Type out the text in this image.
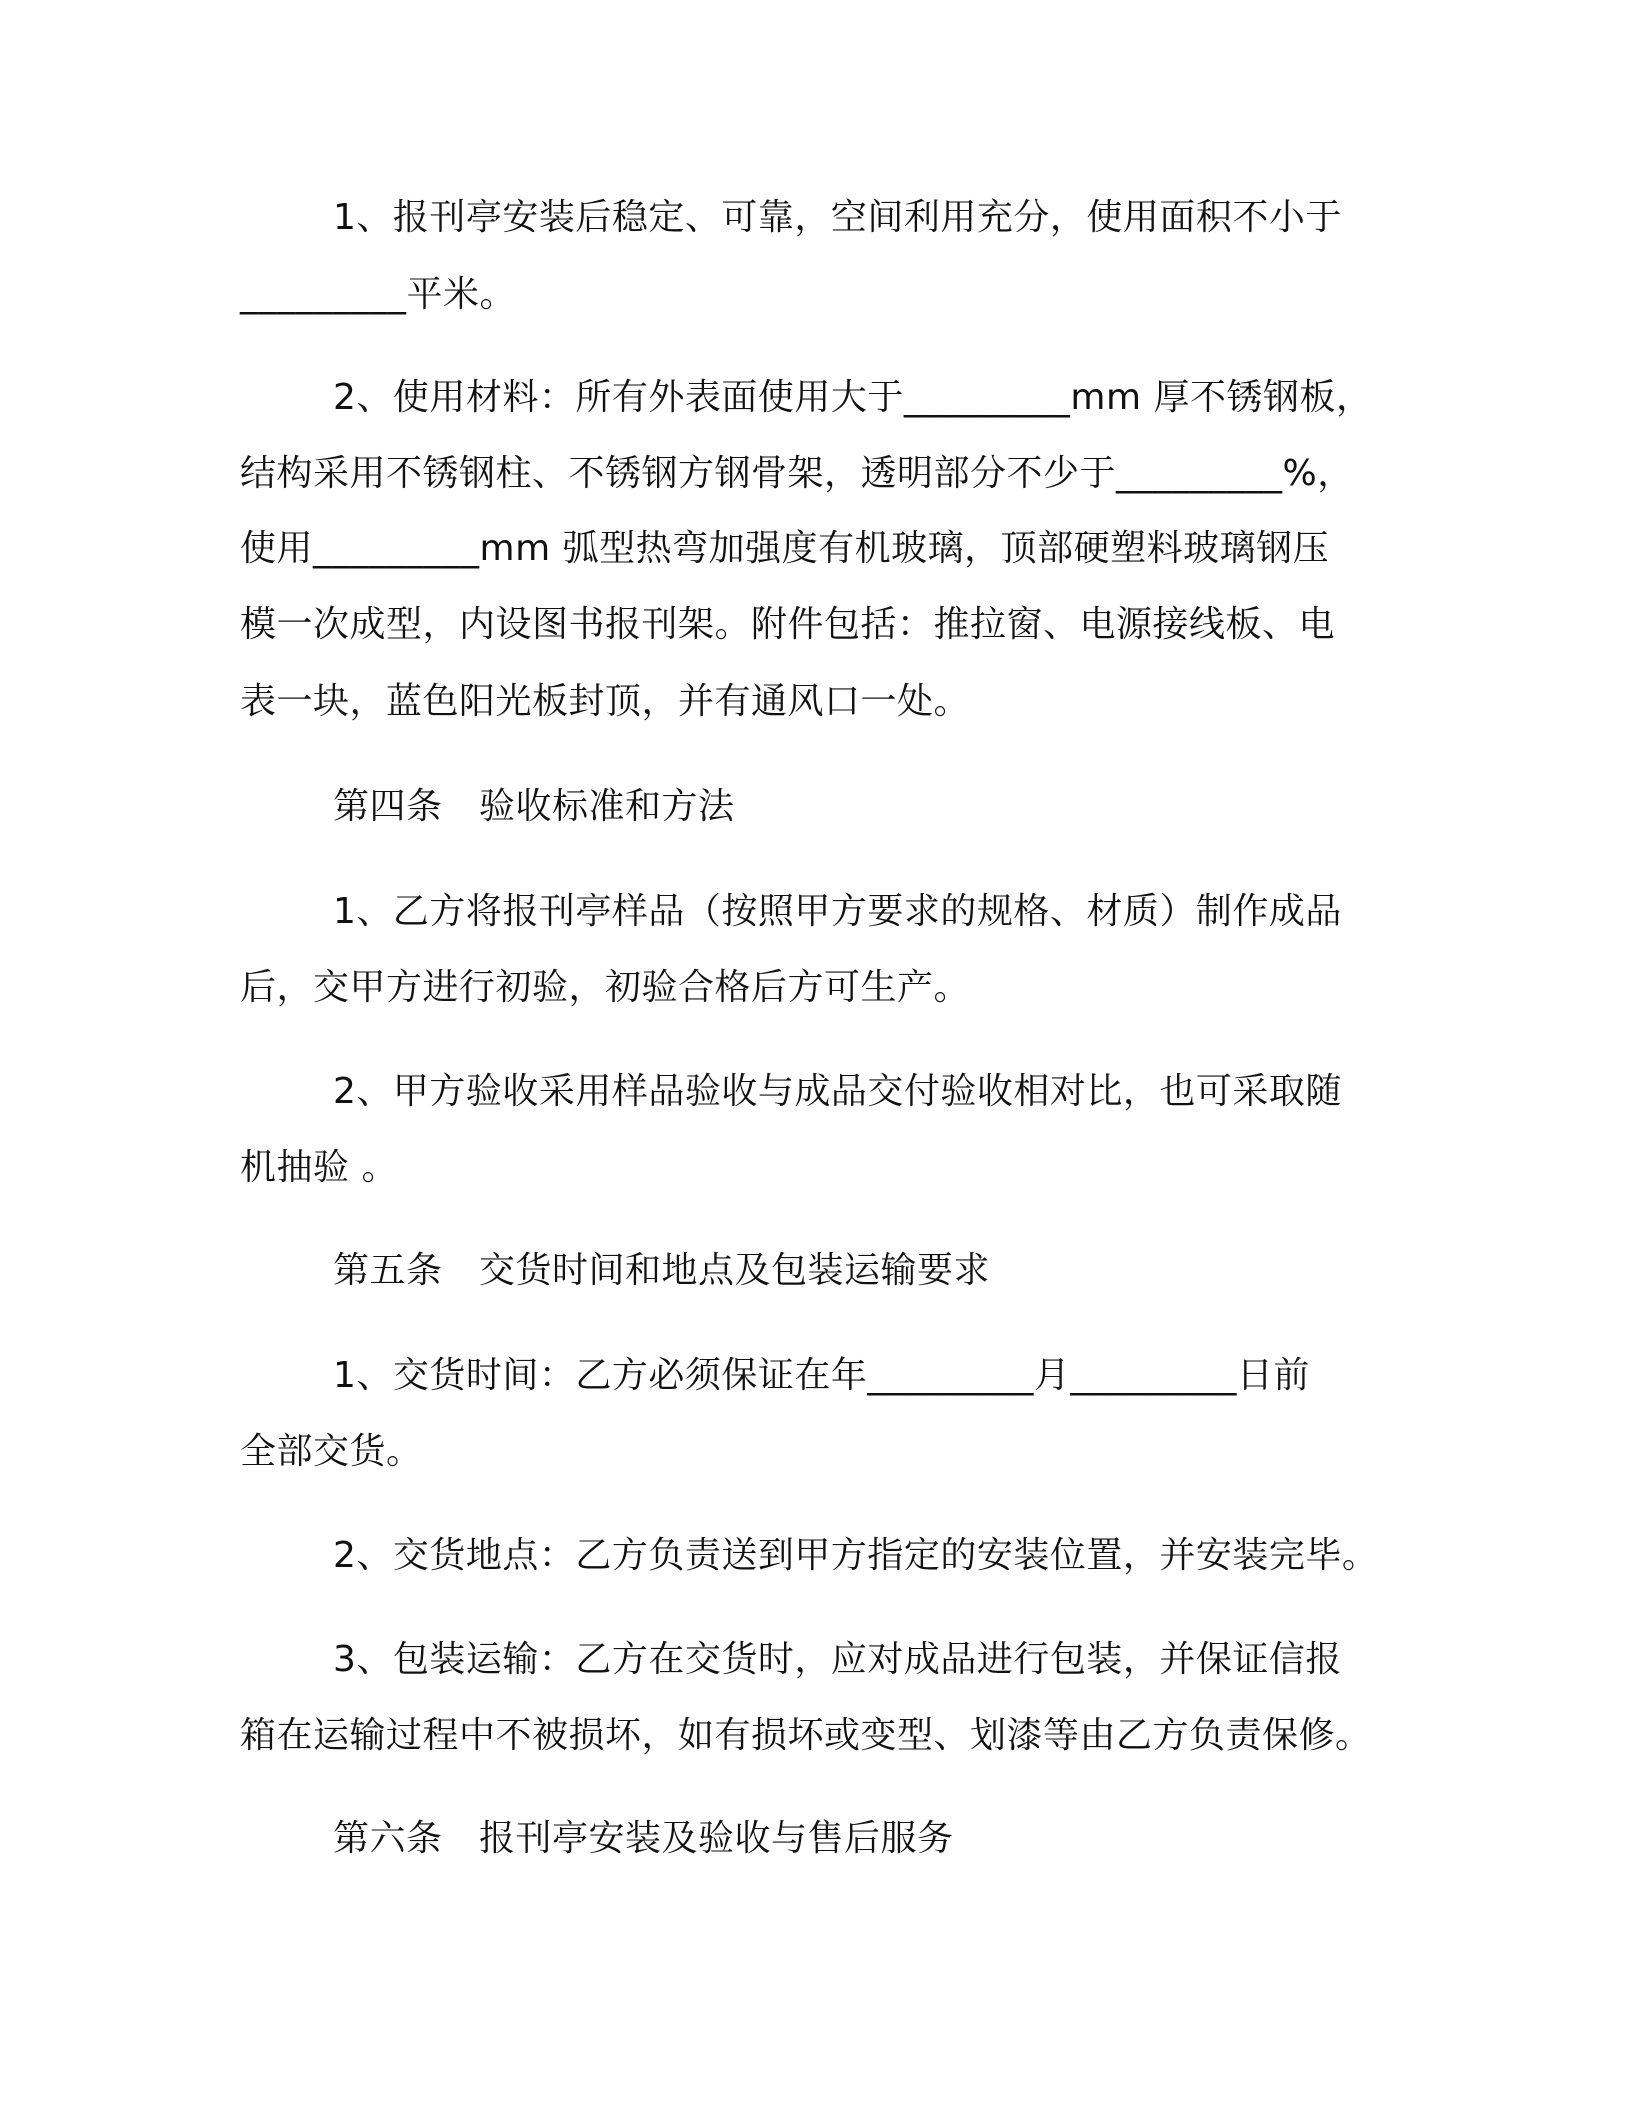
1、报刊亭安装后稳定、可靠，空间利用充分，使用面积不小于
_________平米。
2、使用材料：所有外表面使用大于_________mm 厚不锈钢板，
结构采用不锈钢柱、不锈钢方钢骨架，透明部分不少于_________%，
使用_________mm 弧型热弯加强度有机玻璃，顶部硬塑料玻璃钢压
模一次成型，内设图书报刊架。附件包括：推拉窗、电源接线板、电
表一块，蓝色阳光板封顶，并有通风口一处。
第四条　验收标准和方法
1、乙方将报刊亭样品（按照甲方要求的规格、材质）制作成品
后，交甲方进行初验，初验合格后方可生产。
2、甲方验收采用样品验收与成品交付验收相对比，也可采取随
机抽验 。
第五条　交货时间和地点及包装运输要求
1、交货时间：乙方必须保证在年_________月_________日前
全部交货。
2、交货地点：乙方负责送到甲方指定的安装位置，并安装完毕。
3、包装运输：乙方在交货时，应对成品进行包装，并保证信报
箱在运输过程中不被损坏，如有损坏或变型、划漆等由乙方负责保修。
第六条　报刊亭安装及验收与售后服务
